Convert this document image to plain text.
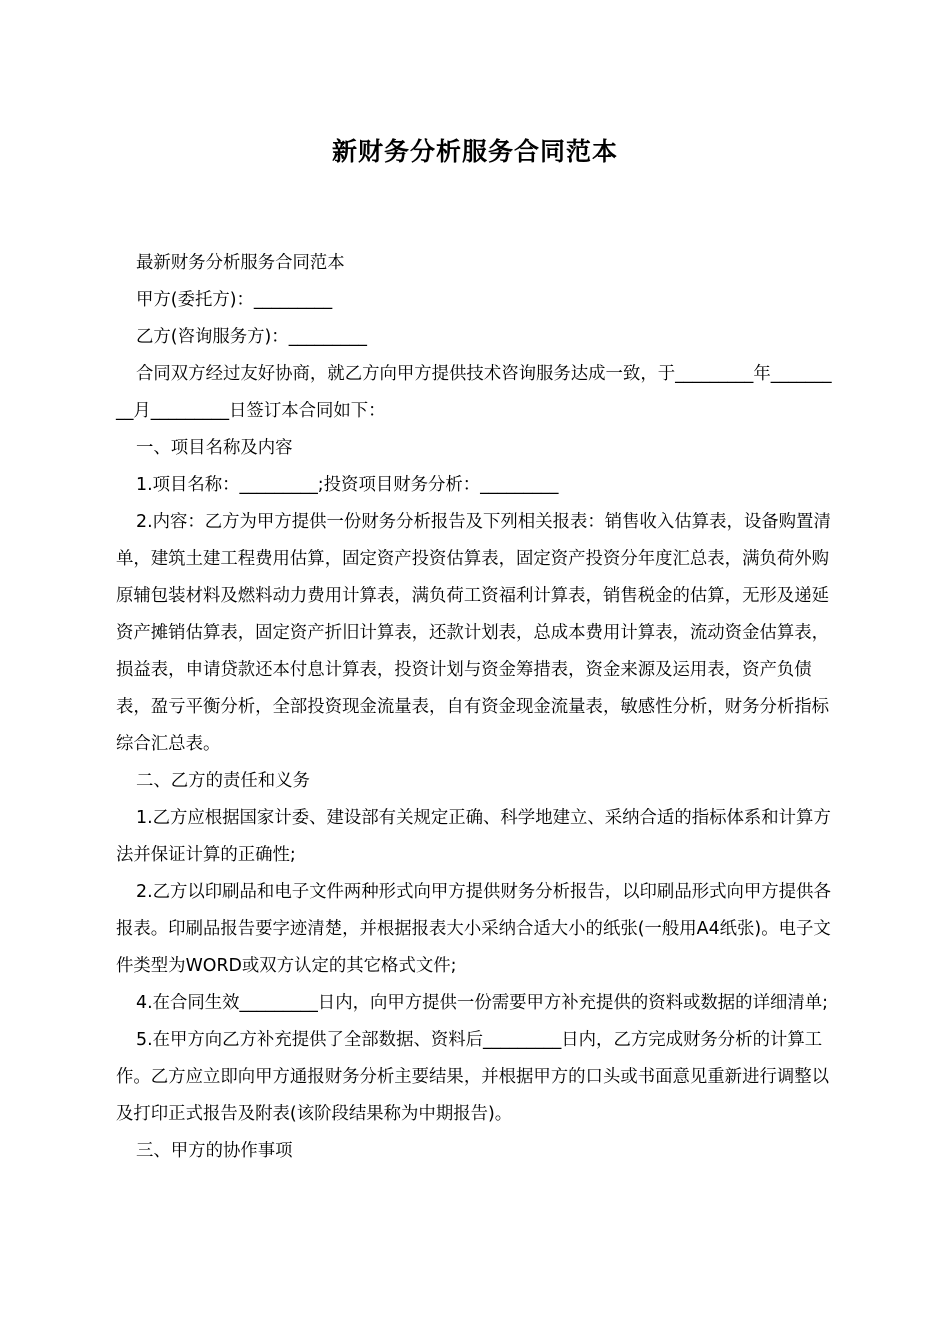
新财务分析服务合同范本

最新财务分析服务合同范本

甲方(委托方)：_________

乙方(咨询服务方)：_________

合同双方经过友好协商，就乙方向甲方提供技术咨询服务达成一致，于_________年_________月_________日签订本合同如下：

一、项目名称及内容

1.项目名称：_________;投资项目财务分析：_________

2.内容：乙方为甲方提供一份财务分析报告及下列相关报表：销售收入估算表，设备购置清单，建筑土建工程费用估算，固定资产投资估算表，固定资产投资分年度汇总表，满负荷外购原辅包装材料及燃料动力费用计算表，满负荷工资福利计算表，销售税金的估算，无形及递延资产摊销估算表，固定资产折旧计算表，还款计划表，总成本费用计算表，流动资金估算表，损益表，申请贷款还本付息计算表，投资计划与资金筹措表，资金来源及运用表，资产负债表，盈亏平衡分析，全部投资现金流量表，自有资金现金流量表，敏感性分析，财务分析指标综合汇总表。

二、乙方的责任和义务

1.乙方应根据国家计委、建设部有关规定正确、科学地建立、采纳合适的指标体系和计算方法并保证计算的正确性;

2.乙方以印刷品和电子文件两种形式向甲方提供财务分析报告，以印刷品形式向甲方提供各报表。印刷品报告要字迹清楚，并根据报表大小采纳合适大小的纸张(一般用A4纸张)。电子文件类型为WORD或双方认定的其它格式文件;

4.在合同生效_________日内，向甲方提供一份需要甲方补充提供的资料或数据的详细清单;

5.在甲方向乙方补充提供了全部数据、资料后_________日内，乙方完成财务分析的计算工作。乙方应立即向甲方通报财务分析主要结果，并根据甲方的口头或书面意见重新进行调整以及打印正式报告及附表(该阶段结果称为中期报告)。

三、甲方的协作事项
